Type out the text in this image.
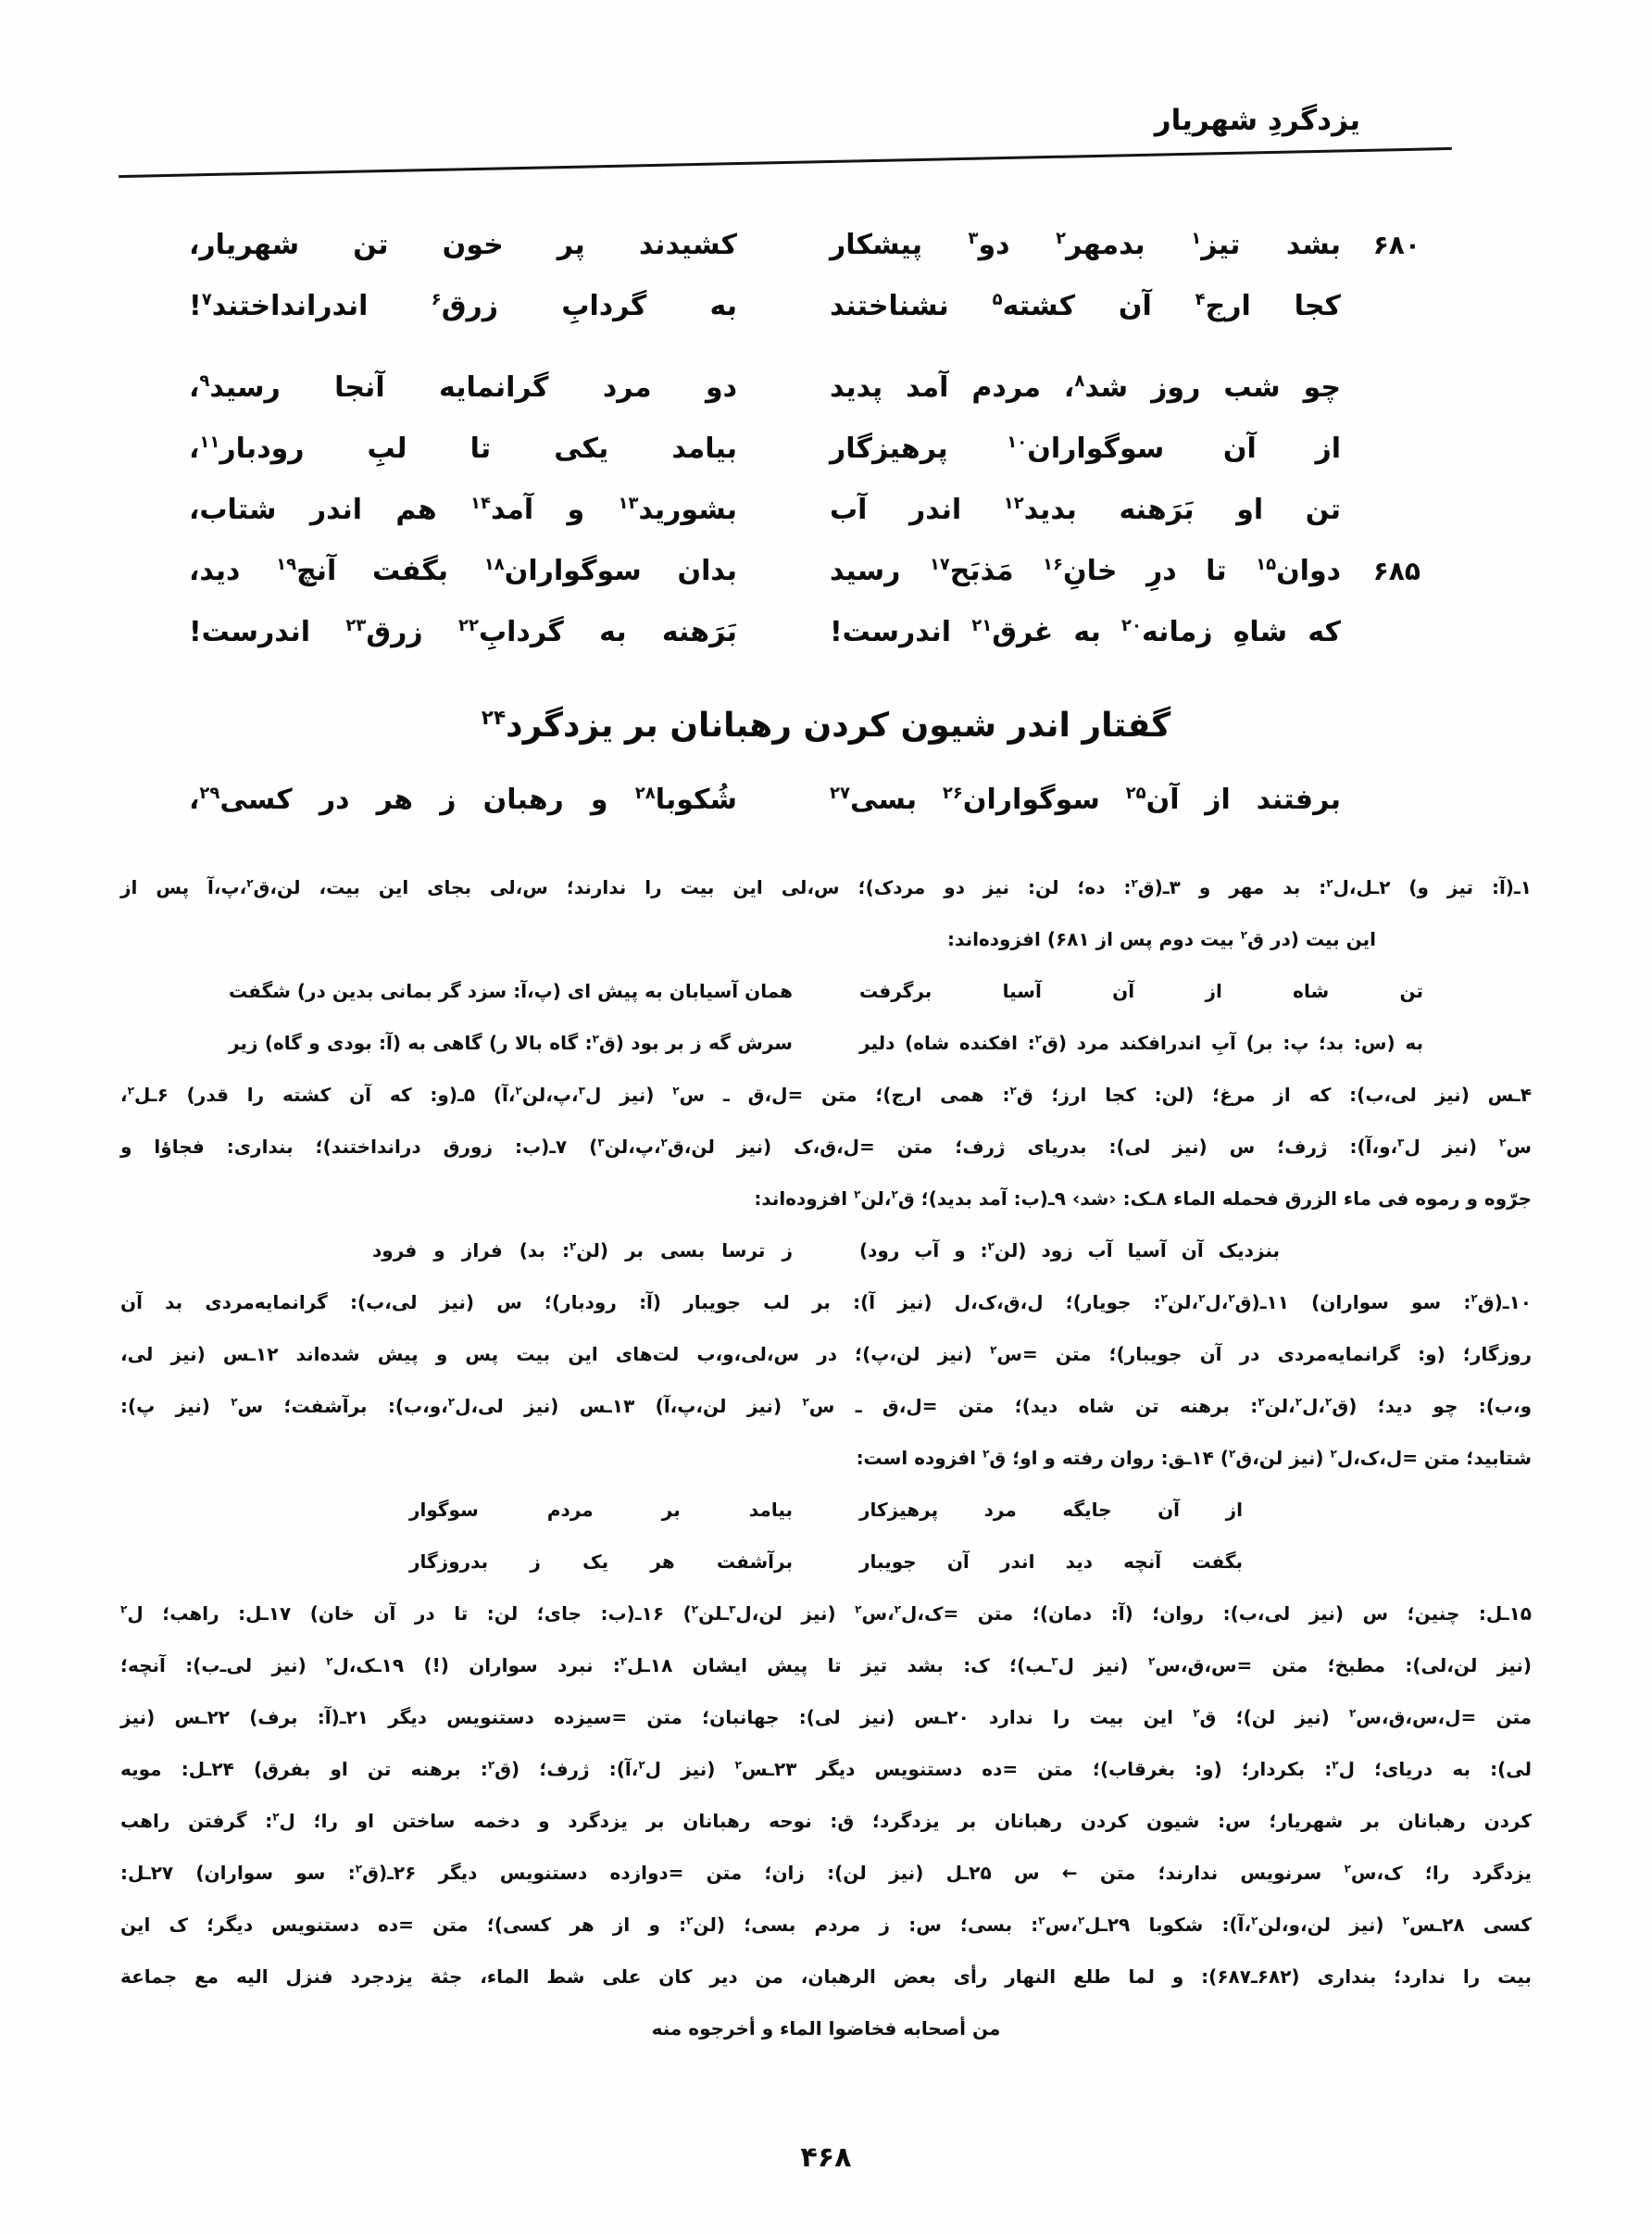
یزدگردِ شهریار
۶۸۰
بشد تیز$^۱$ بدمهر$^۲$ دو$^۳$ پیشکار
کشیدند پر خون تن شهریار،
کجا ارج$^۴$ آن کشته$^۵$ نشناختند
به گردابِ زرق$^۶$ اندرانداختند$^۷$!
چو شب روز شد$^۸$، مردم آمد پدید
دو مرد گرانمایه آنجا رسید$^۹$،
از آن سوگواران$^{۱۰}$ پرهیزگار
بیامد یکی تا لبِ رودبار$^{۱۱}$،
تن او بَرَهنه بدید$^{۱۲}$ اندر آب
بشورید$^{۱۳}$ و آمد$^{۱۴}$ هم اندر شتاب،
۶۸۵
دوان$^{۱۵}$ تا درِ خانِ$^{۱۶}$ مَذبَح$^{۱۷}$ رسید
بدان سوگواران$^{۱۸}$ بگفت آنچ$^{۱۹}$ دید،
که شاهِ زمانه$^{۲۰}$ به غرق$^{۲۱}$ اندرست!
بَرَهنه به گردابِ$^{۲۲}$ زرق$^{۲۳}$ اندرست!
گفتار اندر شیون کردن رهبانان بر یزدگرد$^{۲۴}$
برفتند از آن$^{۲۵}$ سوگواران$^{۲۶}$ بسی$^{۲۷}$
شُکوبا$^{۲۸}$ و رهبان ز هر در کسی$^{۲۹}$،
۱ـ(آ: تیز و) ۲ـل،ل$^۲$: بد مهر و ۳ـ(ق$^۲$: ده؛ لن: نیز دو مردک)؛ س،لی این بیت را ندارند؛ س،لی بجای این بیت، لن،ق$^۲$،پ،آ پس از
این بیت (در ق$^۲$ بیت دوم پس از ۶۸۱) افزوده‌اند:
تن شاه از آن آسیا برگرفت
همان آسیابان به پیش ای (پ،آ: سزد گر بمانی بدین در) شگفت
به (س: بد؛ پ: بر) آبِ اندرافکند مرد (ق$^۲$: افکنده شاه) دلیر
سرش گه ز بر بود (ق$^۲$: گاه بالا ر) گاهی به (آ: بودی و گاه) زیر
۴ـس (نیز لی،ب): که از مرغ؛ (لن: کجا ارز؛ ق$^۲$: همی ارج)؛ متن =ل،ق ـ س$^۲$ (نیز ل$^۳$،پ،لن$^۲$،آ) ۵ـ(و: که آن کشته را قدر) ۶ـل$^۲$،
س$^۲$ (نیز ل$^۳$،و،آ): ژرف؛ س (نیز لی): بدریای ژرف؛ متن =ل،ق،ک (نیز لن،ق$^۲$،پ،لن$^۳$) ۷ـ(ب: زورق درانداختند)؛ بنداری: فجاؤا و
جرّوه و رموه فی ماء الزرق فحمله الماء ۸ـک: ‹شد› ۹ـ(ب: آمد بدید)؛ ق$^۲$،لن$^۲$ افزوده‌اند:
بنزدیک آن آسیا آب زود (لن$^۲$: و آب رود)
ز ترسا بسی بر (لن$^۲$: بد) فراز و فرود
۱۰ـ(ق$^۲$: سو سواران) ۱۱ـ(ق$^۲$،ل$^۲$،لن$^۲$: جویار)؛ ل،ق،ک،ل (نیز آ): بر لب جویبار (آ: رودبار)؛ س (نیز لی،ب): گرانمایه‌مردی بد آن
روزگار؛ (و: گرانمایه‌مردی در آن جویبار)؛ متن =س$^۲$ (نیز لن،پ)؛ در س،لی،و،ب لت‌های این بیت پس و پیش شده‌اند ۱۲ـس (نیز لی،
و،ب): چو دید؛ (ق$^۲$،ل$^۲$،لن$^۲$: برهنه تن شاه دید)؛ متن =ل،ق ـ س$^۲$ (نیز لن،پ،آ) ۱۳ـس (نیز لی،ل$^۲$،و،ب): برآشفت؛ س$^۲$ (نیز پ):
شتابید؛ متن =ل،ک،ل$^۲$ (نیز لن،ق$^۲$) ۱۴ـق: روان رفته و او؛ ق$^۲$ افزوده است:
از آن جایگه مرد پرهیزکار
بیامد بر مردم سوگوار
بگفت آنچه دید اندر آن جویبار
برآشفت هر یک ز بدروزگار
۱۵ـل: چنین؛ س (نیز لی،ب): روان؛ (آ: دمان)؛ متن =ک،ل$^۲$،س$^۲$ (نیز لن،ل$^۳$ـلن$^۲$) ۱۶ـ(ب: جای؛ لن: تا در آن خان) ۱۷ـل: راهب؛ ل$^۲$
(نیز لن،لی): مطبخ؛ متن =س،ق،س$^۲$ (نیز ل$^۳$ـب)؛ ک: بشد تیز تا پیش ایشان ۱۸ـل$^۲$: نبرد سواران (!) ۱۹ـک،ل$^۲$ (نیز لی‌ـ‌ب): آنچه؛
متن =ل،س،ق،س$^۲$ (نیز لن)؛ ق$^۲$ این بیت را ندارد ۲۰ـس (نیز لی): جهانبان؛ متن =سیزده دستنویس دیگر ۲۱ـ(آ: برف) ۲۲ـس (نیز
لی): به دریای؛ ل$^۲$: بکردار؛ (و: بغرقاب)؛ متن =ده دستنویس دیگر ۲۳ـس$^۲$ (نیز ل$^۲$،آ): ژرف؛ (ق$^۲$: برهنه تن او بفرق) ۲۴ـل: مویه
کردن رهبانان بر شهریار؛ س: شیون کردن رهبانان بر یزدگرد؛ ق: نوحه رهبانان بر یزدگرد و دخمه ساختن او را؛ ل$^۲$: گرفتن راهب
یزدگرد را؛ ک،س$^۲$ سرنویس ندارند؛ متن ← س ۲۵ـل (نیز لن): زان؛ متن =دوازده دستنویس دیگر ۲۶ـ(ق$^۲$: سو سواران) ۲۷ـل:
کسی ۲۸ـس$^۲$ (نیز لن،و،لن$^۲$،آ): شکوبا ۲۹ـل$^۲$،س$^۲$: بسی؛ س: ز مردم بسی؛ (لن$^۲$: و از هر کسی)؛ متن =ده دستنویس دیگر؛ ک این
بیت را ندارد؛ بنداری (۶۸۲ـ۶۸۷): و لما طلع النهار رأی بعض الرهبان، من دیر کان علی شط الماء، جثة یزدجرد فنزل الیه مع جماعة
من أصحابه فخاضوا الماء و أخرجوه منه
۴۶۸
